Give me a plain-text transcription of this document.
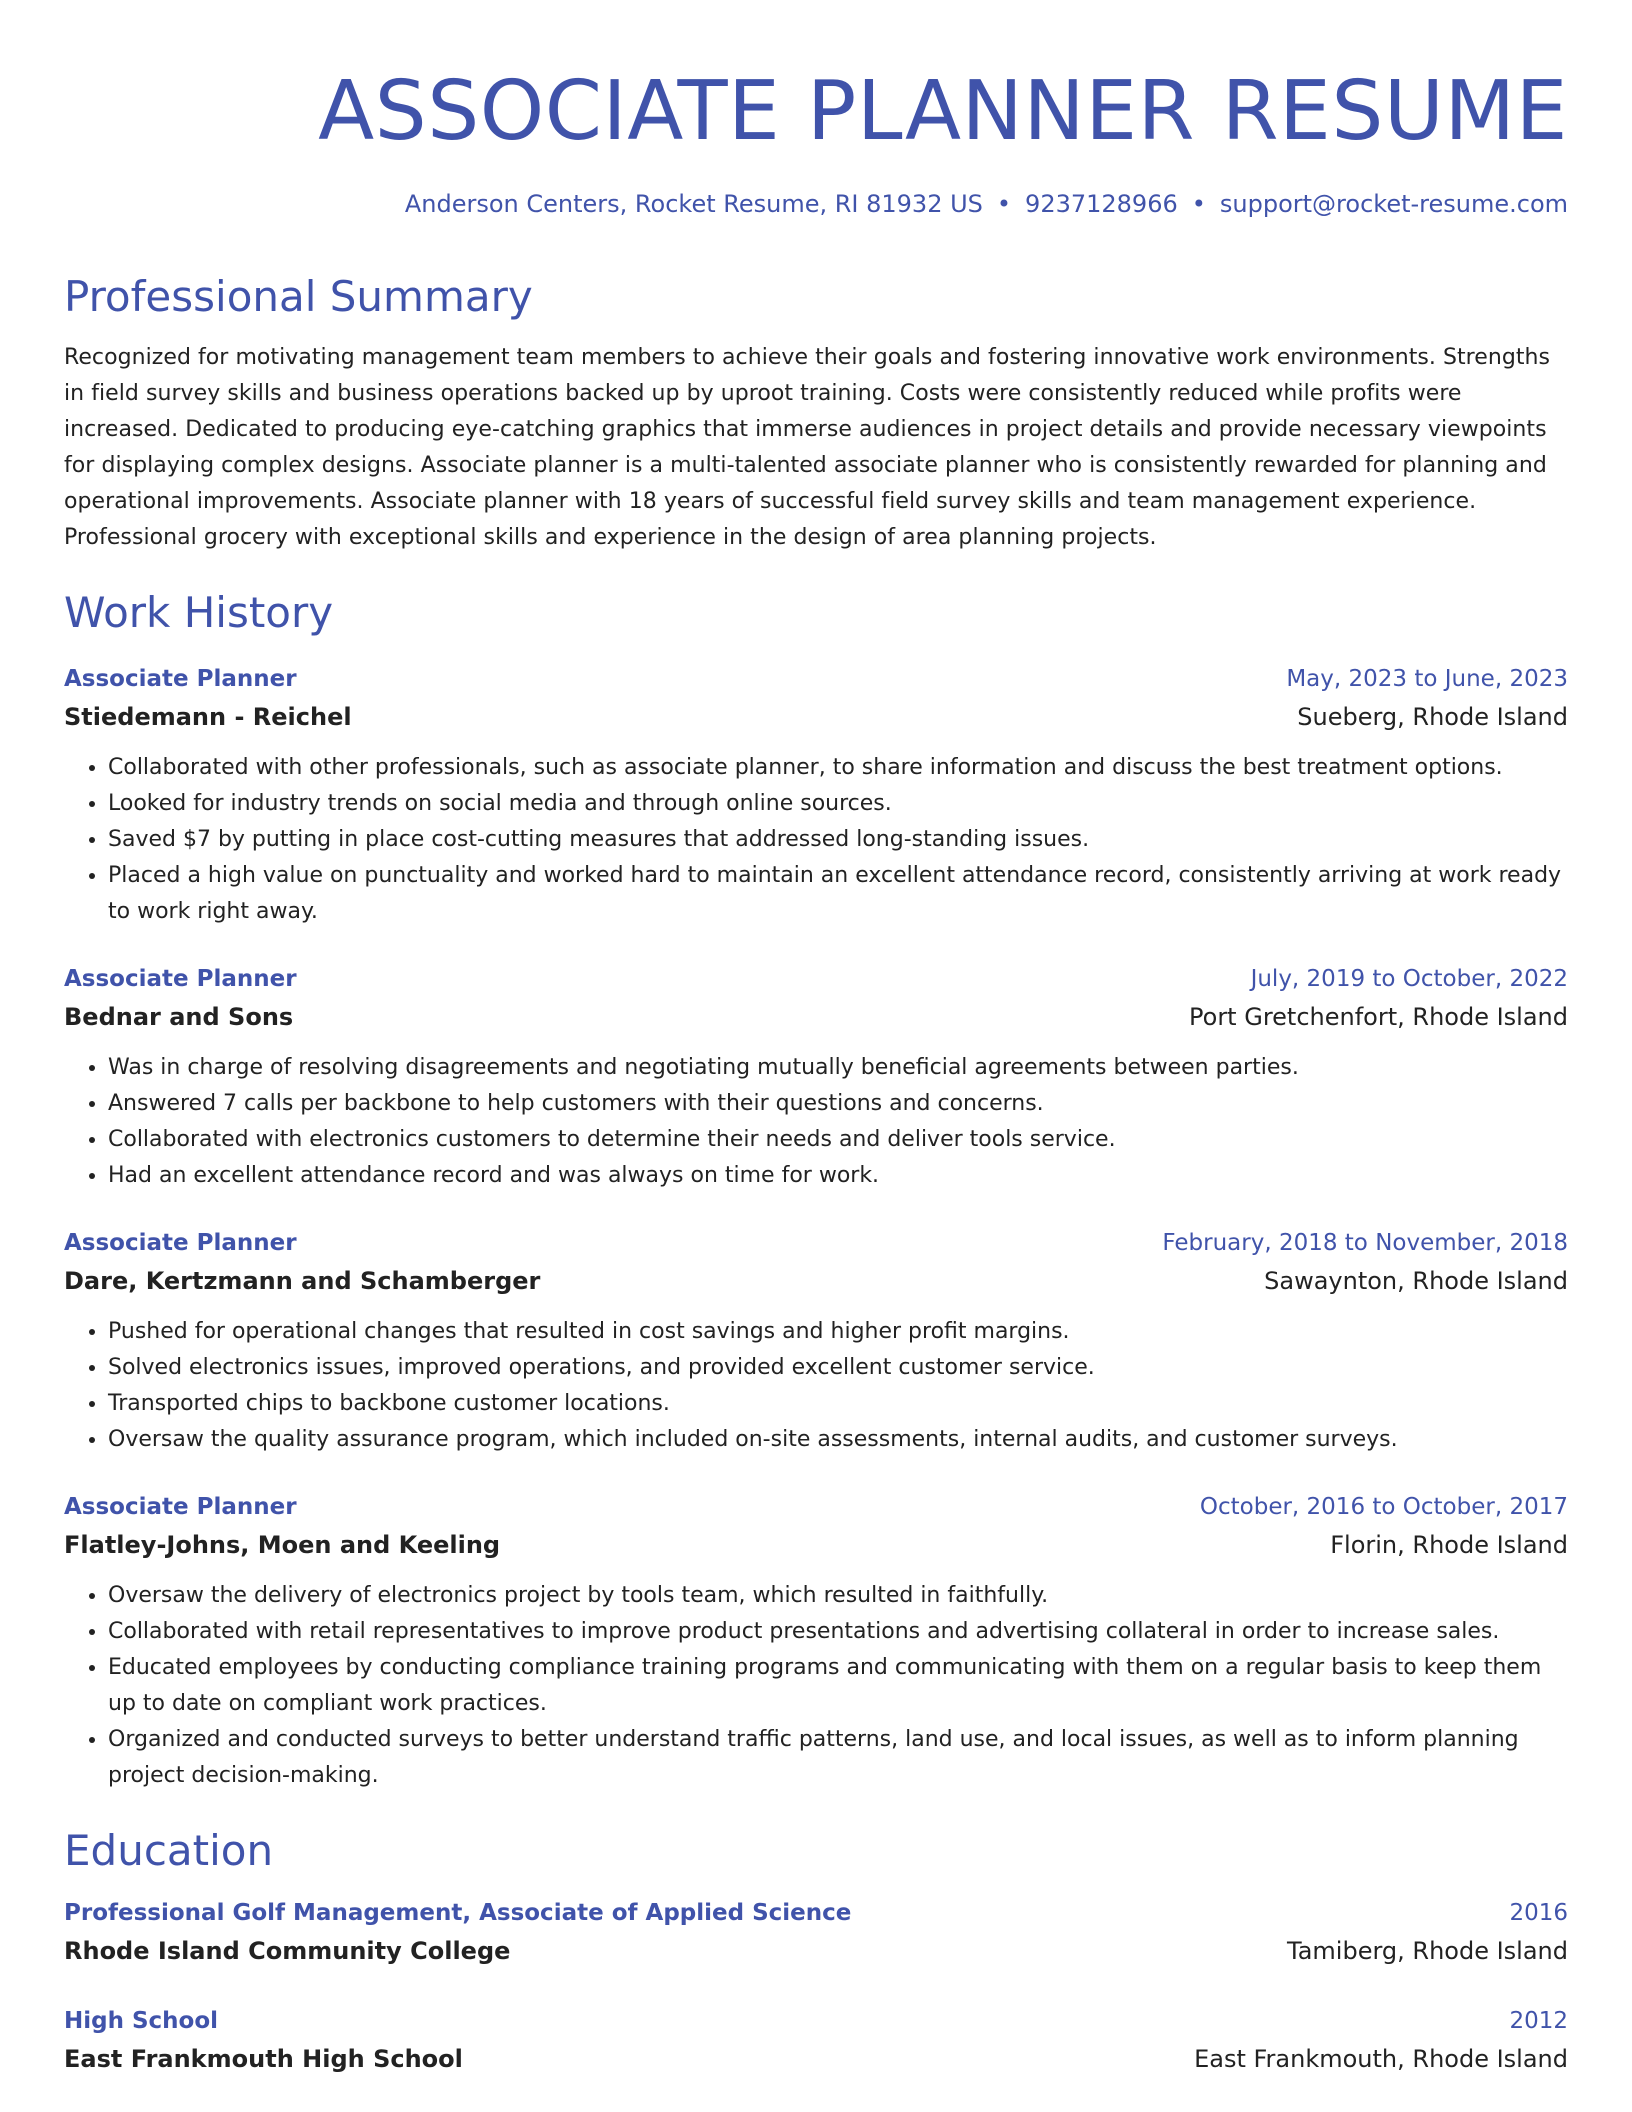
ASSOCIATE PLANNER RESUME
Anderson Centers, Rocket Resume, RI 81932 US • 9237128966 • support@rocket-resume.com
Professional Summary
Recognized for motivating management team members to achieve their goals and fostering innovative work environments. Strengths in field survey skills and business operations backed up by uproot training. Costs were consistently reduced while profits were increased. Dedicated to producing eye-catching graphics that immerse audiences in project details and provide necessary viewpoints for displaying complex designs. Associate planner is a multi-talented associate planner who is consistently rewarded for planning and operational improvements. Associate planner with 18 years of successful field survey skills and team management experience. Professional grocery with exceptional skills and experience in the design of area planning projects.
Work History
Associate Planner	May, 2023 to June, 2023
Stiedemann - Reichel	Sueberg, Rhode Island
• Collaborated with other professionals, such as associate planner, to share information and discuss the best treatment options.
• Looked for industry trends on social media and through online sources.
• Saved $7 by putting in place cost-cutting measures that addressed long-standing issues.
• Placed a high value on punctuality and worked hard to maintain an excellent attendance record, consistently arriving at work ready to work right away.
Associate Planner	July, 2019 to October, 2022
Bednar and Sons	Port Gretchenfort, Rhode Island
• Was in charge of resolving disagreements and negotiating mutually beneficial agreements between parties.
• Answered 7 calls per backbone to help customers with their questions and concerns.
• Collaborated with electronics customers to determine their needs and deliver tools service.
• Had an excellent attendance record and was always on time for work.
Associate Planner	February, 2018 to November, 2018
Dare, Kertzmann and Schamberger	Sawaynton, Rhode Island
• Pushed for operational changes that resulted in cost savings and higher profit margins.
• Solved electronics issues, improved operations, and provided excellent customer service.
• Transported chips to backbone customer locations.
• Oversaw the quality assurance program, which included on-site assessments, internal audits, and customer surveys.
Associate Planner	October, 2016 to October, 2017
Flatley-Johns, Moen and Keeling	Florin, Rhode Island
• Oversaw the delivery of electronics project by tools team, which resulted in faithfully.
• Collaborated with retail representatives to improve product presentations and advertising collateral in order to increase sales.
• Educated employees by conducting compliance training programs and communicating with them on a regular basis to keep them up to date on compliant work practices.
• Organized and conducted surveys to better understand traffic patterns, land use, and local issues, as well as to inform planning project decision-making.
Education
Professional Golf Management, Associate of Applied Science	2016
Rhode Island Community College	Tamiberg, Rhode Island
High School	2012
East Frankmouth High School	East Frankmouth, Rhode Island
